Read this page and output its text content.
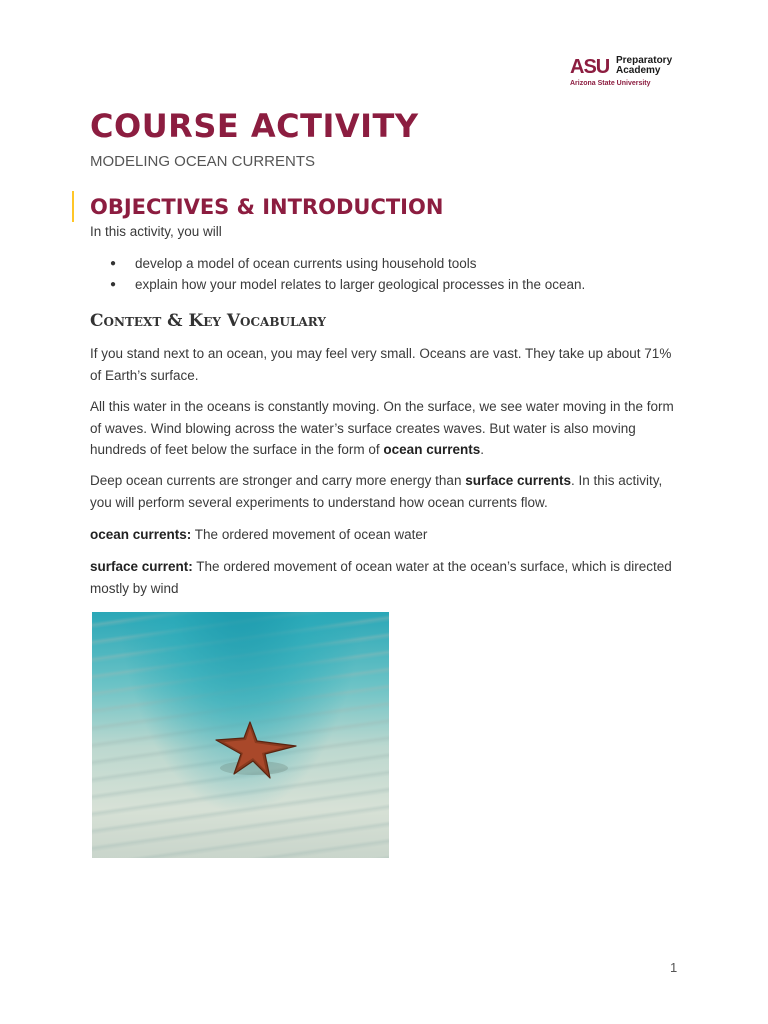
ASU Preparatory
Academy
Arizona State University
COURSE ACTIVITY
MODELING OCEAN CURRENTS
OBJECTIVES & INTRODUCTION

In this activity, you will

● develop a model of ocean currents using household tools
● explain how your model relates to larger geological processes in the ocean.
Context & Key Vocabulary

If you stand next to an ocean, you may feel very small. Oceans are vast. They take up about 71% of Earth’s surface.

All this water in the oceans is constantly moving. On the surface, we see water moving in the form of waves. Wind blowing across the water’s surface creates waves. But water is also moving hundreds of feet below the surface in the form of ocean currents.

Deep ocean currents are stronger and carry more energy than surface currents. In this activity, you will perform several experiments to understand how ocean currents flow.

ocean currents: The ordered movement of ocean water

surface current: The ordered movement of ocean water at the ocean’s surface, which is directed mostly by wind

1
